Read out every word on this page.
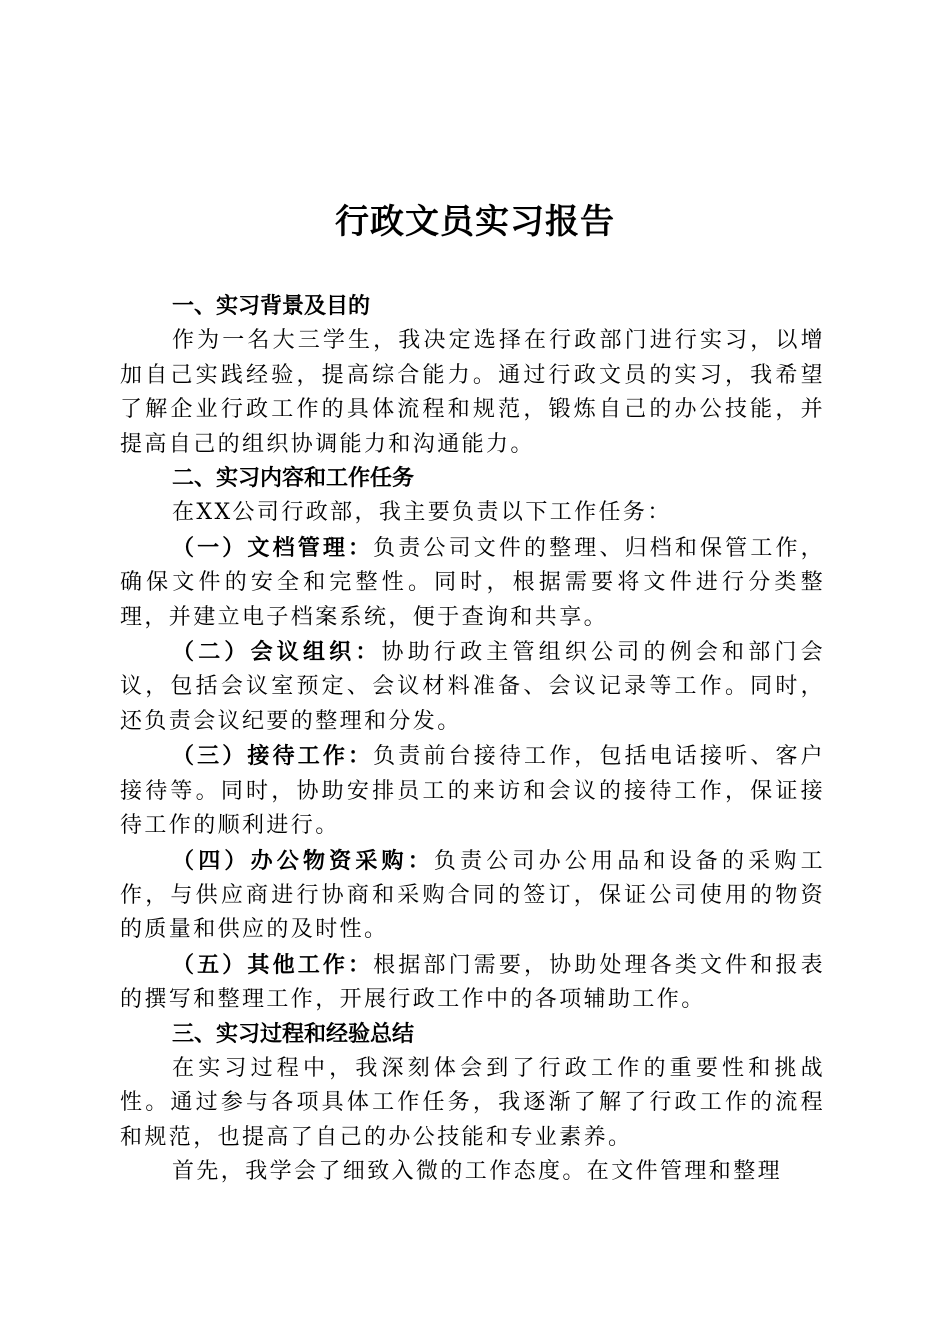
行政文员实习报告

一、实习背景及目的

作为一名大三学生，我决定选择在行政部门进行实习，以增加自己实践经验，提高综合能力。通过行政文员的实习，我希望了解企业行政工作的具体流程和规范，锻炼自己的办公技能，并提高自己的组织协调能力和沟通能力。

二、实习内容和工作任务

在XX公司行政部，我主要负责以下工作任务：

（一）文档管理：负责公司文件的整理、归档和保管工作，确保文件的安全和完整性。同时，根据需要将文件进行分类整理，并建立电子档案系统，便于查询和共享。

（二）会议组织：协助行政主管组织公司的例会和部门会议，包括会议室预定、会议材料准备、会议记录等工作。同时，还负责会议纪要的整理和分发。

（三）接待工作：负责前台接待工作，包括电话接听、客户接待等。同时，协助安排员工的来访和会议的接待工作，保证接待工作的顺利进行。

（四）办公物资采购：负责公司办公用品和设备的采购工作，与供应商进行协商和采购合同的签订，保证公司使用的物资的质量和供应的及时性。

（五）其他工作：根据部门需要，协助处理各类文件和报表的撰写和整理工作，开展行政工作中的各项辅助工作。

三、实习过程和经验总结

在实习过程中，我深刻体会到了行政工作的重要性和挑战性。通过参与各项具体工作任务，我逐渐了解了行政工作的流程和规范，也提高了自己的办公技能和专业素养。

首先，我学会了细致入微的工作态度。在文件管理和整理
